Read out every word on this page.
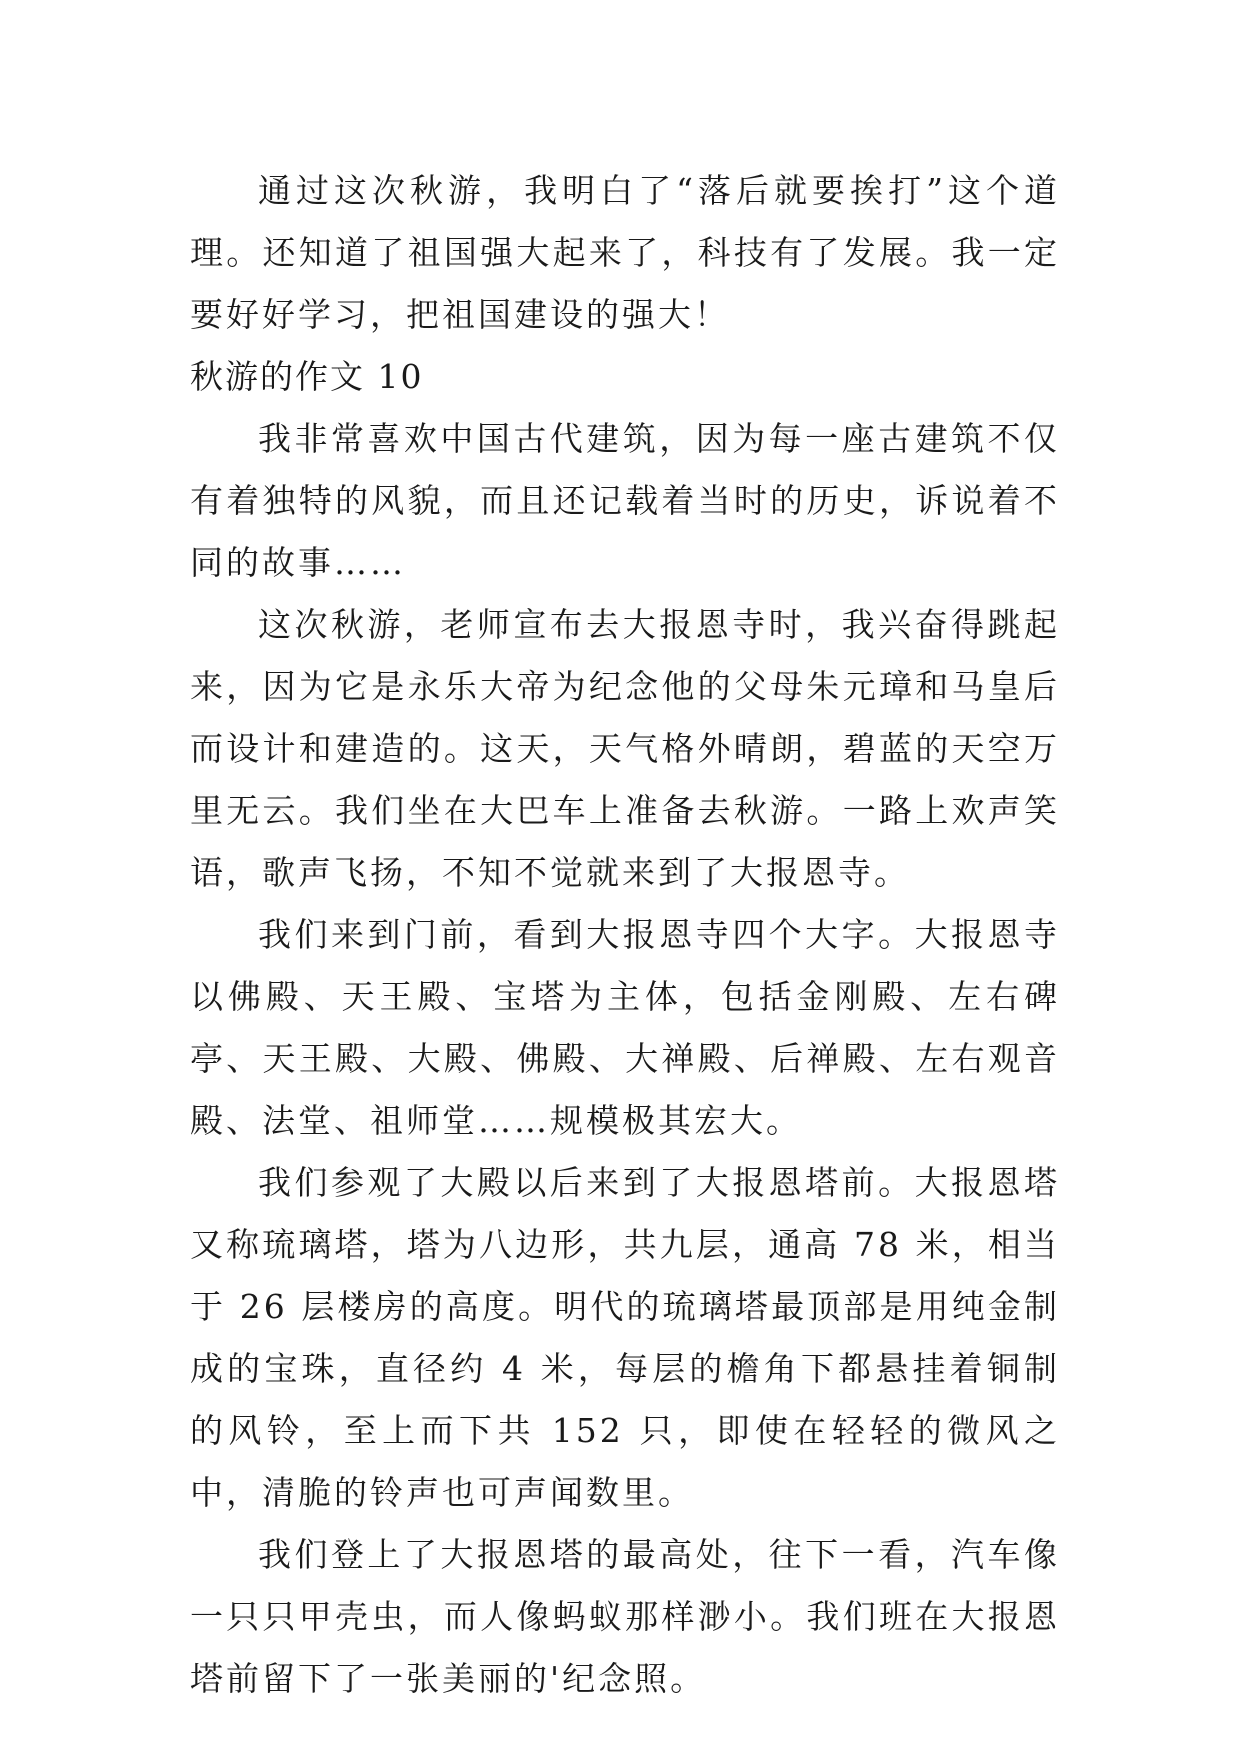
通过这次秋游，我明白了“落后就要挨打”这个道理。还知道了祖国强大起来了，科技有了发展。我一定要好好学习，把祖国建设的强大！

秋游的作文 10

我非常喜欢中国古代建筑，因为每一座古建筑不仅有着独特的风貌，而且还记载着当时的历史，诉说着不同的故事……

这次秋游，老师宣布去大报恩寺时，我兴奋得跳起来，因为它是永乐大帝为纪念他的父母朱元璋和马皇后而设计和建造的。这天，天气格外晴朗，碧蓝的天空万里无云。我们坐在大巴车上准备去秋游。一路上欢声笑语，歌声飞扬，不知不觉就来到了大报恩寺。

我们来到门前，看到大报恩寺四个大字。大报恩寺以佛殿、天王殿、宝塔为主体，包括金刚殿、左右碑亭、天王殿、大殿、佛殿、大禅殿、后禅殿、左右观音殿、法堂、祖师堂……规模极其宏大。

我们参观了大殿以后来到了大报恩塔前。大报恩塔又称琉璃塔，塔为八边形，共九层，通高 78 米，相当于 26 层楼房的高度。明代的琉璃塔最顶部是用纯金制成的宝珠，直径约 4 米，每层的檐角下都悬挂着铜制的风铃，至上而下共 152 只，即使在轻轻的微风之中，清脆的铃声也可声闻数里。

我们登上了大报恩塔的最高处，往下一看，汽车像一只只甲壳虫，而人像蚂蚁那样渺小。我们班在大报恩塔前留下了一张美丽的'纪念照。
